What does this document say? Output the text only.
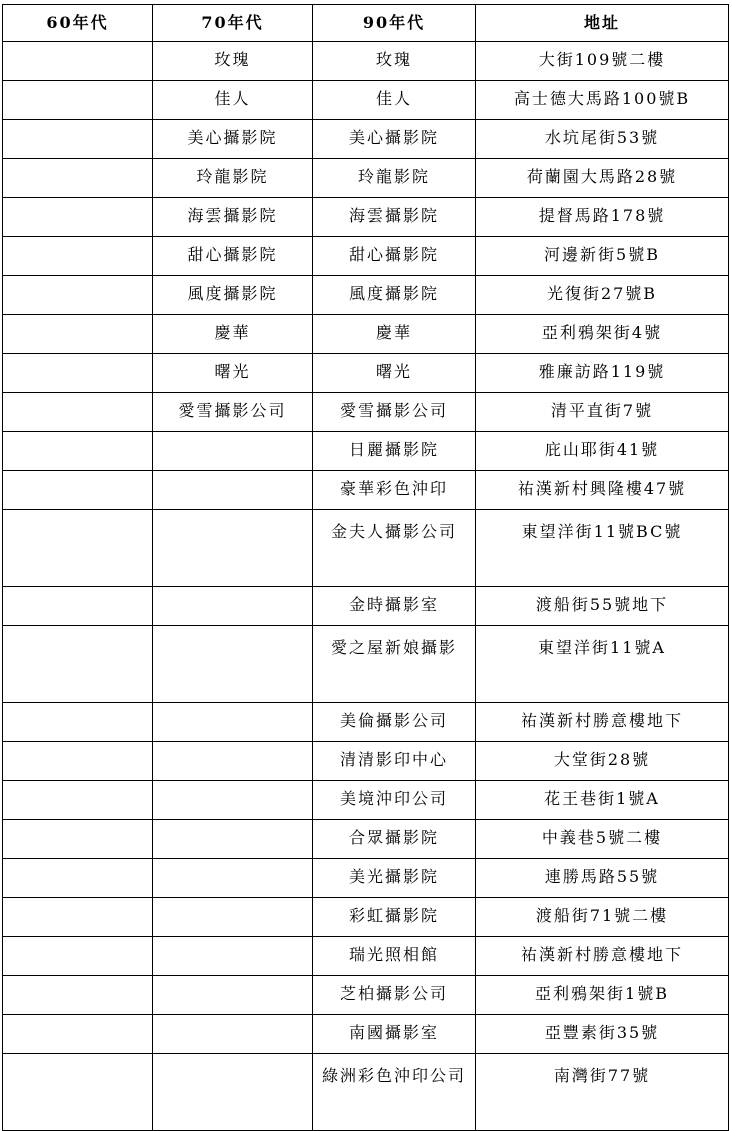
60年代	70年代	90年代	地址
	玫瑰	玫瑰	大街109號二樓
	佳人	佳人	高士德大馬路100號B
	美心攝影院	美心攝影院	水坑尾街53號
	玲龍影院	玲龍影院	荷蘭園大馬路28號
	海雲攝影院	海雲攝影院	提督馬路178號
	甜心攝影院	甜心攝影院	河邊新街5號B
	風度攝影院	風度攝影院	光復街27號B
	慶華	慶華	亞利鴉架街4號
	曙光	曙光	雅廉訪路119號
	愛雪攝影公司	愛雪攝影公司	清平直街7號
		日麗攝影院	庇山耶街41號
		豪華彩色沖印	祐漢新村興隆樓47號

		金夫人攝影公司	東望洋街11號BC號
		金時攝影室	渡船街55號地下

		愛之屋新娘攝影	東望洋街11號A
		美倫攝影公司	祐漢新村勝意樓地下
		清清影印中心	大堂街28號
		美境沖印公司	花王巷街1號A
		合眾攝影院	中義巷5號二樓
		美光攝影院	連勝馬路55號
		彩虹攝影院	渡船街71號二樓
		瑞光照相館	祐漢新村勝意樓地下
		芝柏攝影公司	亞利鴉架街1號B
		南國攝影室	亞豐素街35號

		綠洲彩色沖印公司	南灣街77號
